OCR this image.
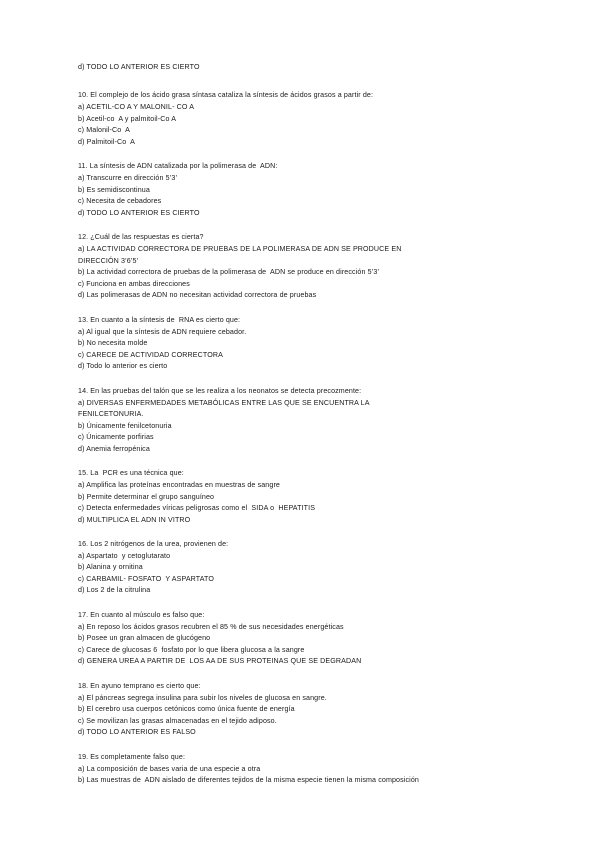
d) TODO LO ANTERIOR ES CIERTO
10. El complejo de los ácido grasa síntasa cataliza la síntesis de ácidos grasos a partir de:
a) ACETIL-CO A Y MALONIL- CO A
b) Acetil-co  A y palmitoil-Co A
c) Malonil-Co  A
d) Palmitoil-Co  A
11. La síntesis de ADN catalizada por la polimerasa de  ADN:
a) Transcurre en dirección 5’3’
b) Es semidiscontinua
c) Necesita de cebadores
d) TODO LO ANTERIOR ES CIERTO
12. ¿Cuál de las respuestas es cierta?
a) LA ACTIVIDAD CORRECTORA DE PRUEBAS DE LA POLIMERASA DE ADN SE PRODUCE EN
DIRECCIÓN 3’6’5’
b) La actividad correctora de pruebas de la polimerasa de  ADN se produce en dirección 5’3’
c) Funciona en ambas direcciones
d) Las polimerasas de ADN no necesitan actividad correctora de pruebas
13. En cuanto a la síntesis de  RNA es cierto que:
a) Al igual que la síntesis de ADN requiere cebador.
b) No necesita molde
c) CARECE DE ACTIVIDAD CORRECTORA
d) Todo lo anterior es cierto
14. En las pruebas del talón que se les realiza a los neonatos se detecta precozmente:
a) DIVERSAS ENFERMEDADES METABÓLICAS ENTRE LAS QUE SE ENCUENTRA LA
FENILCETONURIA.
b) Únicamente fenilcetonuria
c) Únicamente porfirias
d) Anemia ferropénica
15. La  PCR es una técnica que:
a) Amplifica las proteínas encontradas en muestras de sangre
b) Permite determinar el grupo sanguíneo
c) Detecta enfermedades víricas peligrosas como el  SIDA o  HEPATITIS
d) MULTIPLICA EL ADN IN VITRO
16. Los 2 nitrógenos de la urea, provienen de:
a) Aspartato  y cetoglutarato
b) Alanina y ornitina
c) CARBAMIL- FOSFATO  Y ASPARTATO
d) Los 2 de la citrulina
17. En cuanto al músculo es falso que:
a) En reposo los ácidos grasos recubren el 85 % de sus necesidades energéticas
b) Posee un gran almacen de glucógeno
c) Carece de glucosas 6  fosfato por lo que libera glucosa a la sangre
d) GENERA UREA A PARTIR DE  LOS AA DE SUS PROTEINAS QUE SE DEGRADAN
18. En ayuno temprano es cierto que:
a) El páncreas segrega insulina para subir los niveles de glucosa en sangre.
b) El cerebro usa cuerpos cetónicos como única fuente de energía
c) Se movilizan las grasas almacenadas en el tejido adiposo.
d) TODO LO ANTERIOR ES FALSO
19. Es completamente falso que:
a) La composición de bases varia de una especie a otra
b) Las muestras de  ADN aislado de diferentes tejidos de la misma especie tienen la misma composición
